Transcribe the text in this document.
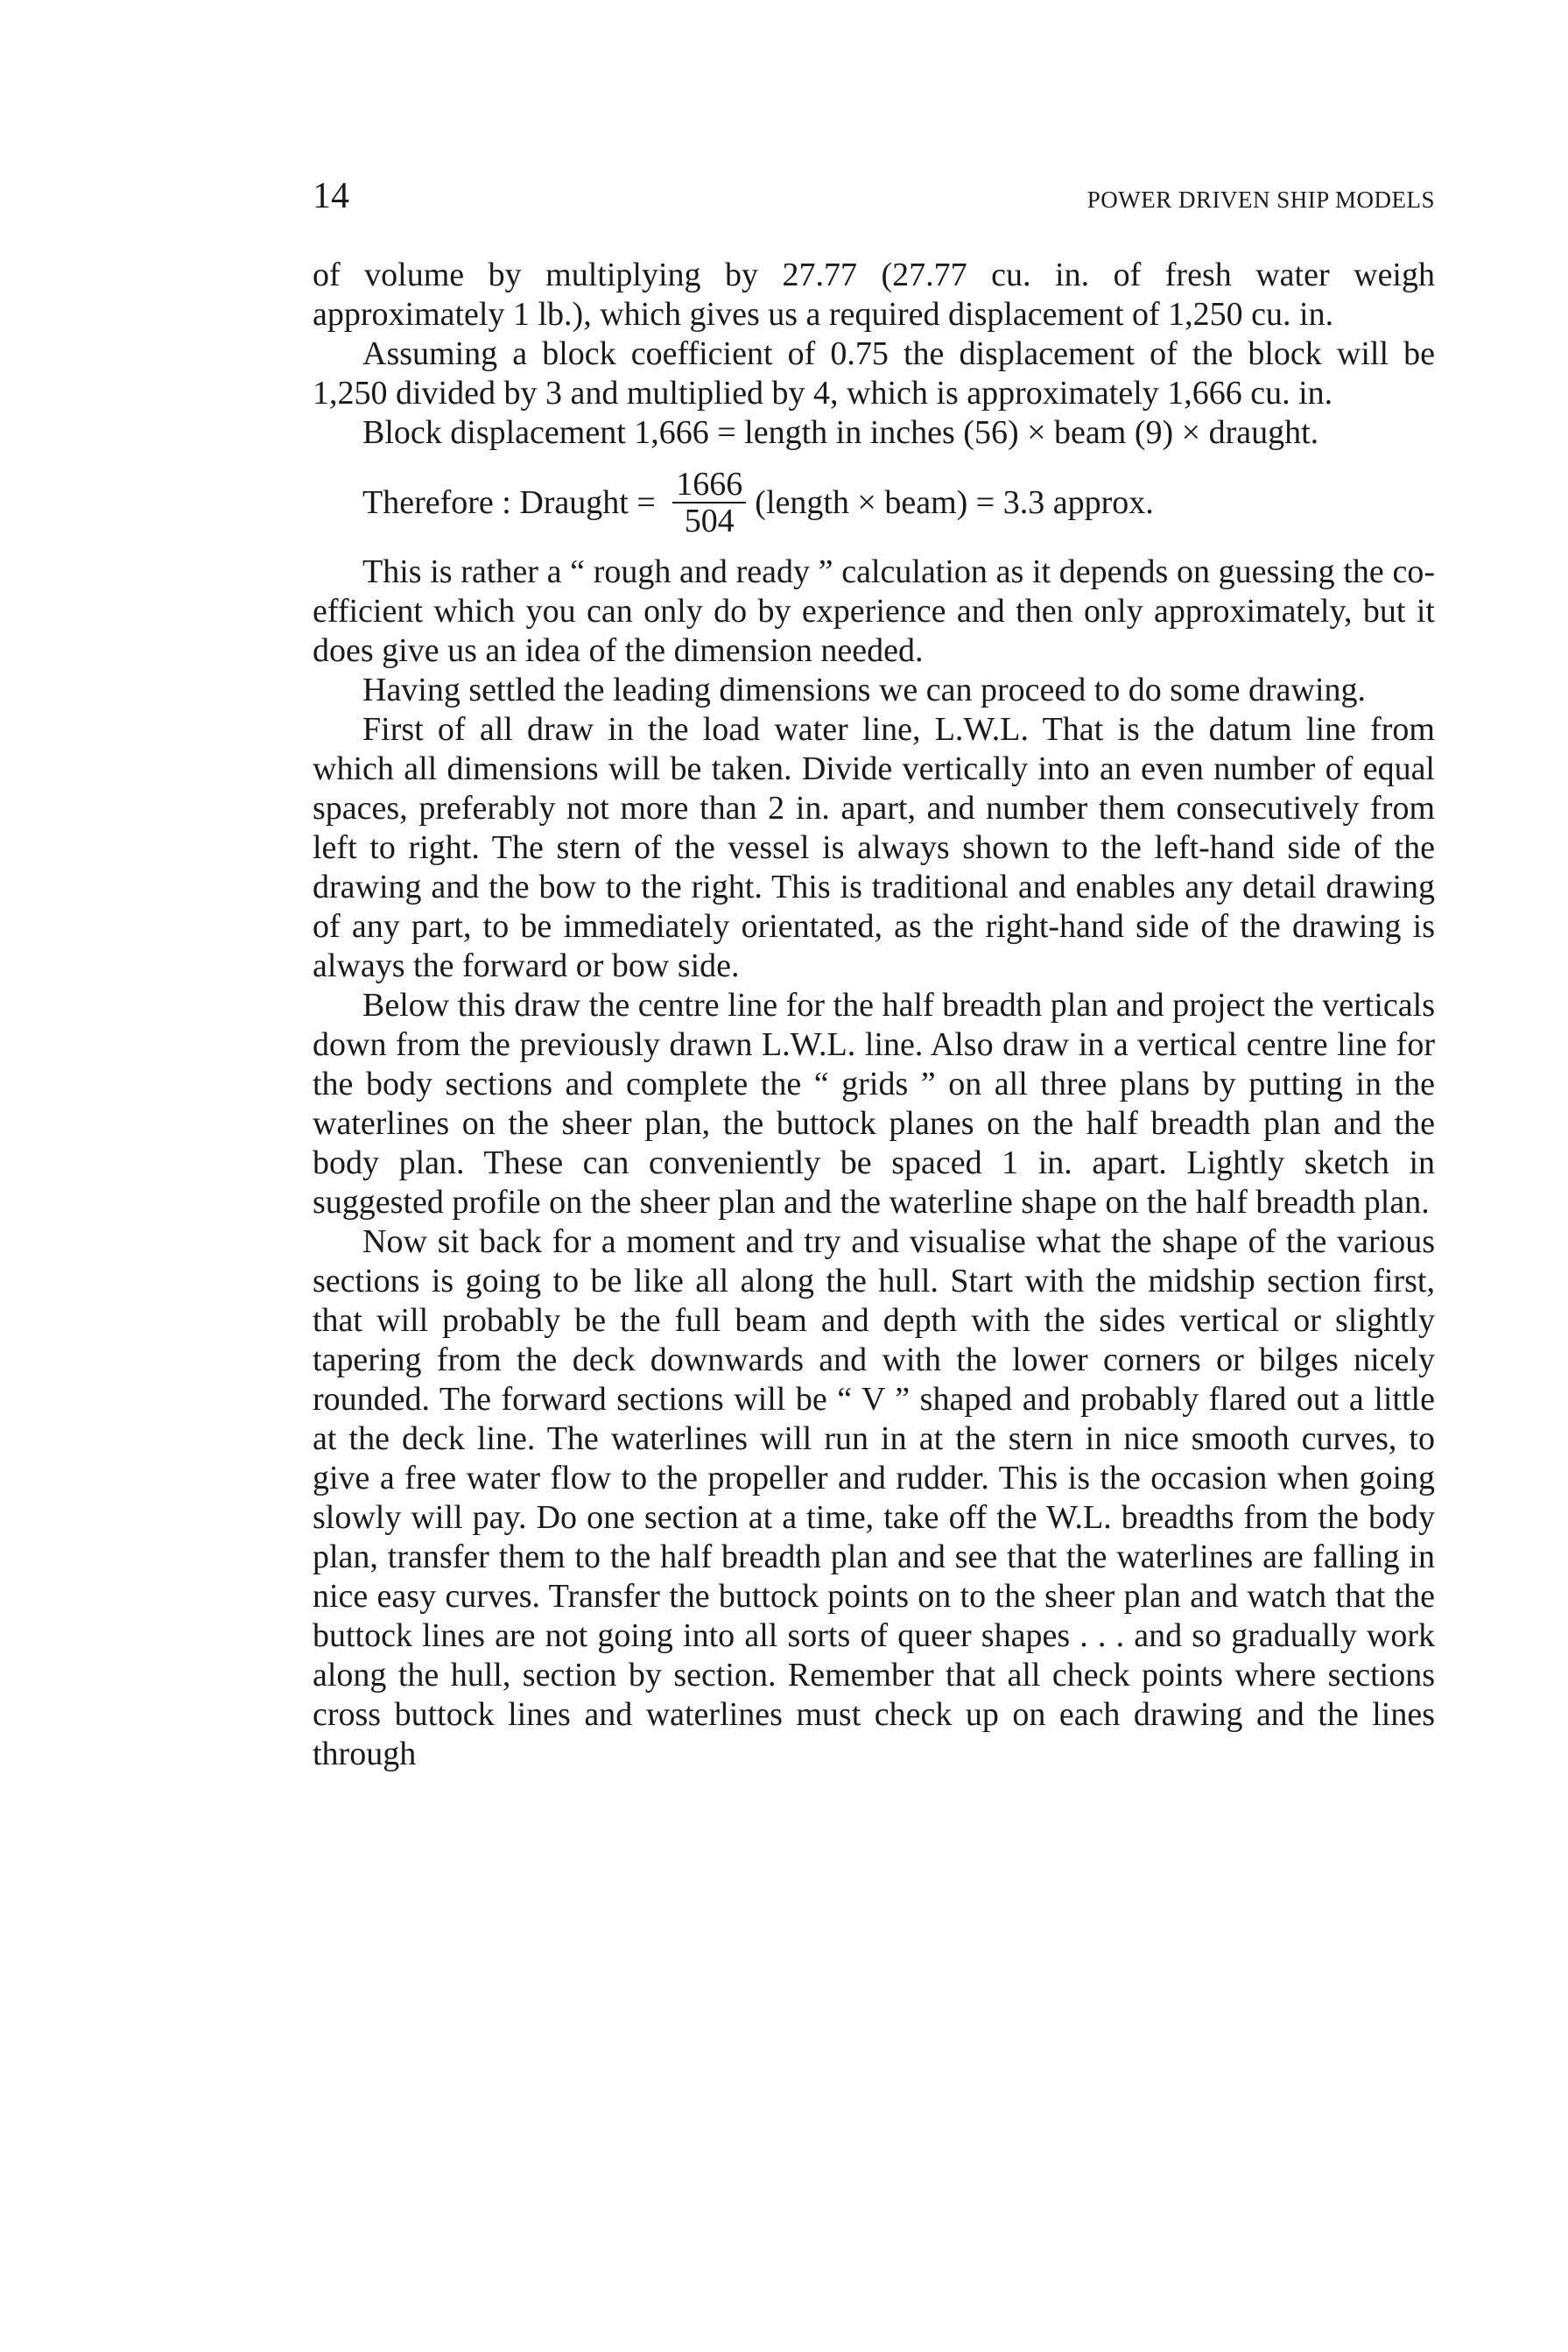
14	POWER DRIVEN SHIP MODELS

of volume by multiplying by 27.77 (27.77 cu. in. of fresh water weigh approximately 1 lb.), which gives us a required displacement of 1,250 cu. in.

Assuming a block coefficient of 0.75 the displacement of the block will be 1,250 divided by 3 and multiplied by 4, which is approximately 1,666 cu. in.

Block displacement 1,666 = length in inches (56) × beam (9) × draught.

Therefore : Draught = $\frac{1666}{504}$ (length × beam) = 3.3 approx.

This is rather a “ rough and ready ” calculation as it depends on guessing the co-efficient which you can only do by experience and then only approximately, but it does give us an idea of the dimension needed.

Having settled the leading dimensions we can proceed to do some drawing.

First of all draw in the load water line, L.W.L. That is the datum line from which all dimensions will be taken. Divide vertically into an even number of equal spaces, preferably not more than 2 in. apart, and number them consecutively from left to right. The stern of the vessel is always shown to the left-hand side of the drawing and the bow to the right. This is traditional and enables any detail drawing of any part, to be immediately orientated, as the right-hand side of the drawing is always the forward or bow side.

Below this draw the centre line for the half breadth plan and project the verticals down from the previously drawn L.W.L. line. Also draw in a vertical centre line for the body sections and complete the “ grids ” on all three plans by putting in the waterlines on the sheer plan, the buttock planes on the half breadth plan and the body plan. These can conveniently be spaced 1 in. apart. Lightly sketch in suggested profile on the sheer plan and the waterline shape on the half breadth plan.

Now sit back for a moment and try and visualise what the shape of the various sections is going to be like all along the hull. Start with the midship section first, that will probably be the full beam and depth with the sides vertical or slightly tapering from the deck downwards and with the lower corners or bilges nicely rounded. The forward sections will be “ V ” shaped and probably flared out a little at the deck line. The waterlines will run in at the stern in nice smooth curves, to give a free water flow to the propeller and rudder. This is the occasion when going slowly will pay. Do one section at a time, take off the W.L. breadths from the body plan, transfer them to the half breadth plan and see that the waterlines are falling in nice easy curves. Transfer the buttock points on to the sheer plan and watch that the buttock lines are not going into all sorts of queer shapes . . . and so gradually work along the hull, section by section. Remember that all check points where sections cross buttock lines and waterlines must check up on each drawing and the lines through
